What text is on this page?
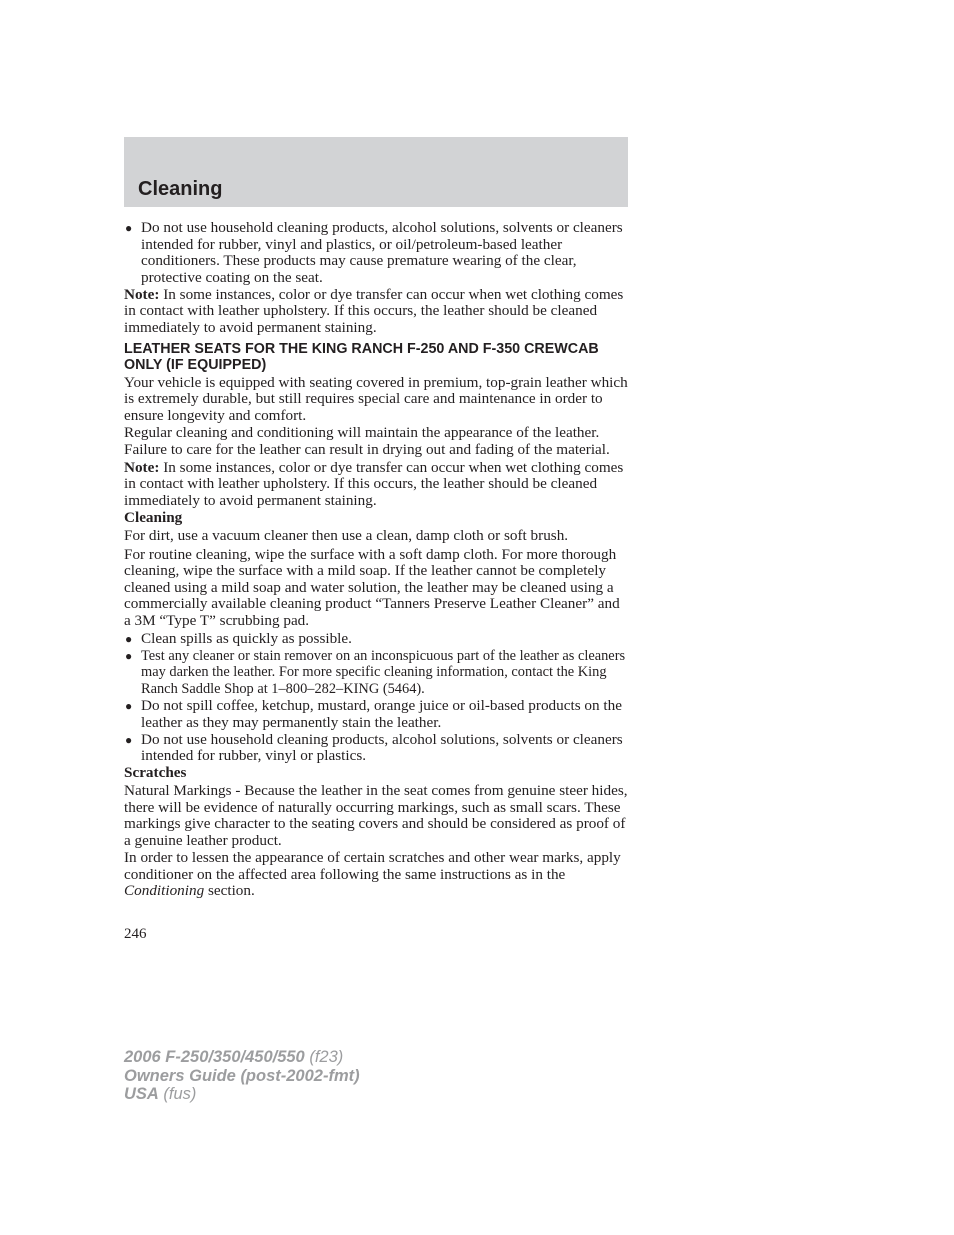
Cleaning
● Do not use household cleaning products, alcohol solutions, solvents or cleaners intended for rubber, vinyl and plastics, or oil/petroleum-based leather conditioners. These products may cause premature wearing of the clear, protective coating on the seat.

Note: In some instances, color or dye transfer can occur when wet clothing comes in contact with leather upholstery. If this occurs, the leather should be cleaned immediately to avoid permanent staining.

LEATHER SEATS FOR THE KING RANCH F-250 AND F-350 CREWCAB ONLY (IF EQUIPPED)

Your vehicle is equipped with seating covered in premium, top-grain leather which is extremely durable, but still requires special care and maintenance in order to ensure longevity and comfort.

Regular cleaning and conditioning will maintain the appearance of the leather. Failure to care for the leather can result in drying out and fading of the material.

Note: In some instances, color or dye transfer can occur when wet clothing comes in contact with leather upholstery. If this occurs, the leather should be cleaned immediately to avoid permanent staining.

Cleaning

For dirt, use a vacuum cleaner then use a clean, damp cloth or soft brush.

For routine cleaning, wipe the surface with a soft damp cloth. For more thorough cleaning, wipe the surface with a mild soap. If the leather cannot be completely cleaned using a mild soap and water solution, the leather may be cleaned using a commercially available cleaning product “Tanners Preserve Leather Cleaner” and a 3M “Type T” scrubbing pad.

● Clean spills as quickly as possible.
● Test any cleaner or stain remover on an inconspicuous part of the leather as cleaners may darken the leather. For more specific cleaning information, contact the King Ranch Saddle Shop at 1–800–282–KING (5464).
● Do not spill coffee, ketchup, mustard, orange juice or oil-based products on the leather as they may permanently stain the leather.
● Do not use household cleaning products, alcohol solutions, solvents or cleaners intended for rubber, vinyl or plastics.

Scratches

Natural Markings - Because the leather in the seat comes from genuine steer hides, there will be evidence of naturally occurring markings, such as small scars. These markings give character to the seating covers and should be considered as proof of a genuine leather product.

In order to lessen the appearance of certain scratches and other wear marks, apply conditioner on the affected area following the same instructions as in the Conditioning section.

246
2006 F-250/350/450/550 (f23)
Owners Guide (post-2002-fmt)
USA (fus)
